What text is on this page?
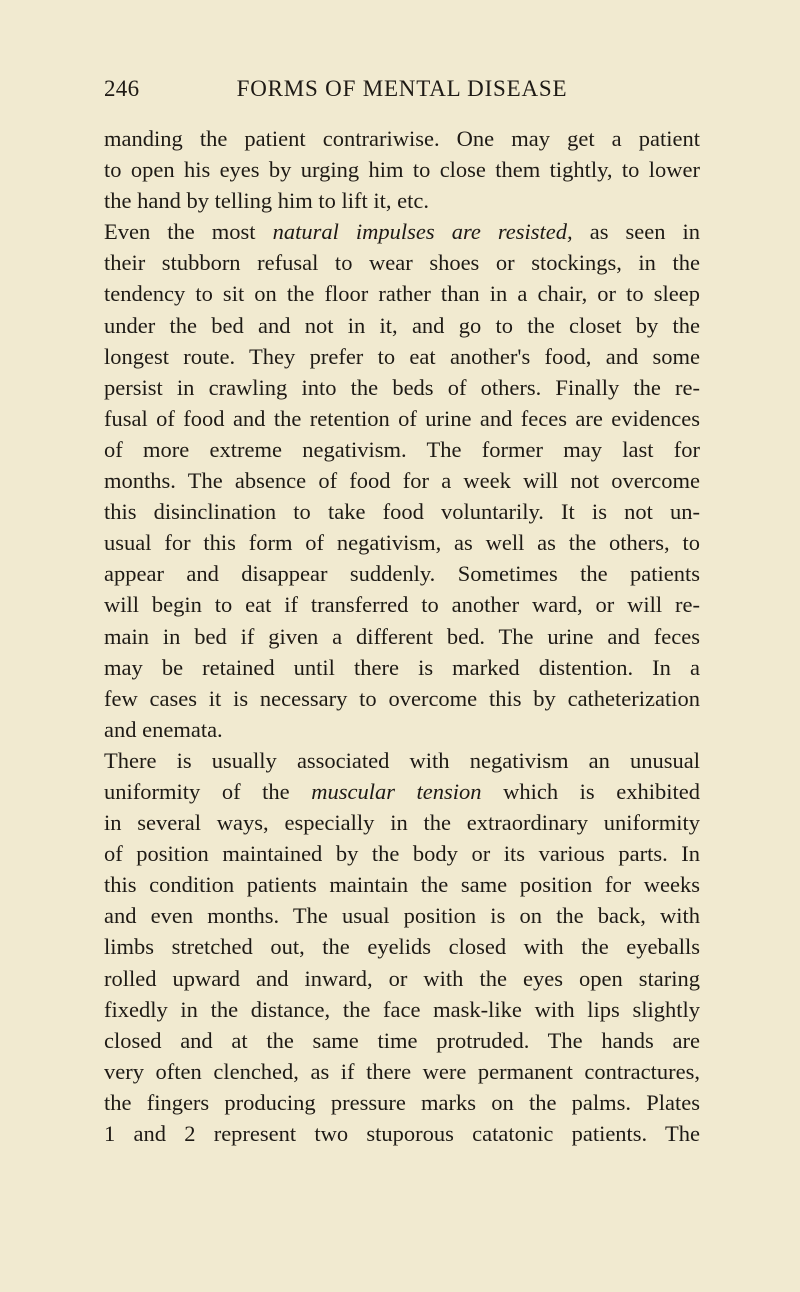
246	FORMS OF MENTAL DISEASE

manding the patient contrariwise. One may get a patient

to open his eyes by urging him to close them tightly, to lower

the hand by telling him to lift it, etc.

Even the most natural impulses are resisted, as seen in

their stubborn refusal to wear shoes or stockings, in the

tendency to sit on the floor rather than in a chair, or to sleep

under the bed and not in it, and go to the closet by the

longest route. They prefer to eat another's food, and some

persist in crawling into the beds of others. Finally the re-

fusal of food and the retention of urine and feces are evidences

of more extreme negativism. The former may last for

months. The absence of food for a week will not overcome

this disinclination to take food voluntarily. It is not un-

usual for this form of negativism, as well as the others, to

appear and disappear suddenly. Sometimes the patients

will begin to eat if transferred to another ward, or will re-

main in bed if given a different bed. The urine and feces

may be retained until there is marked distention. In a

few cases it is necessary to overcome this by catheterization

and enemata.

There is usually associated with negativism an unusual

uniformity of the muscular tension which is exhibited

in several ways, especially in the extraordinary uniformity

of position maintained by the body or its various parts. In

this condition patients maintain the same position for weeks

and even months. The usual position is on the back, with

limbs stretched out, the eyelids closed with the eyeballs

rolled upward and inward, or with the eyes open staring

fixedly in the distance, the face mask-like with lips slightly

closed and at the same time protruded. The hands are

very often clenched, as if there were permanent contractures,

the fingers producing pressure marks on the palms. Plates

1 and 2 represent two stuporous catatonic patients. The
